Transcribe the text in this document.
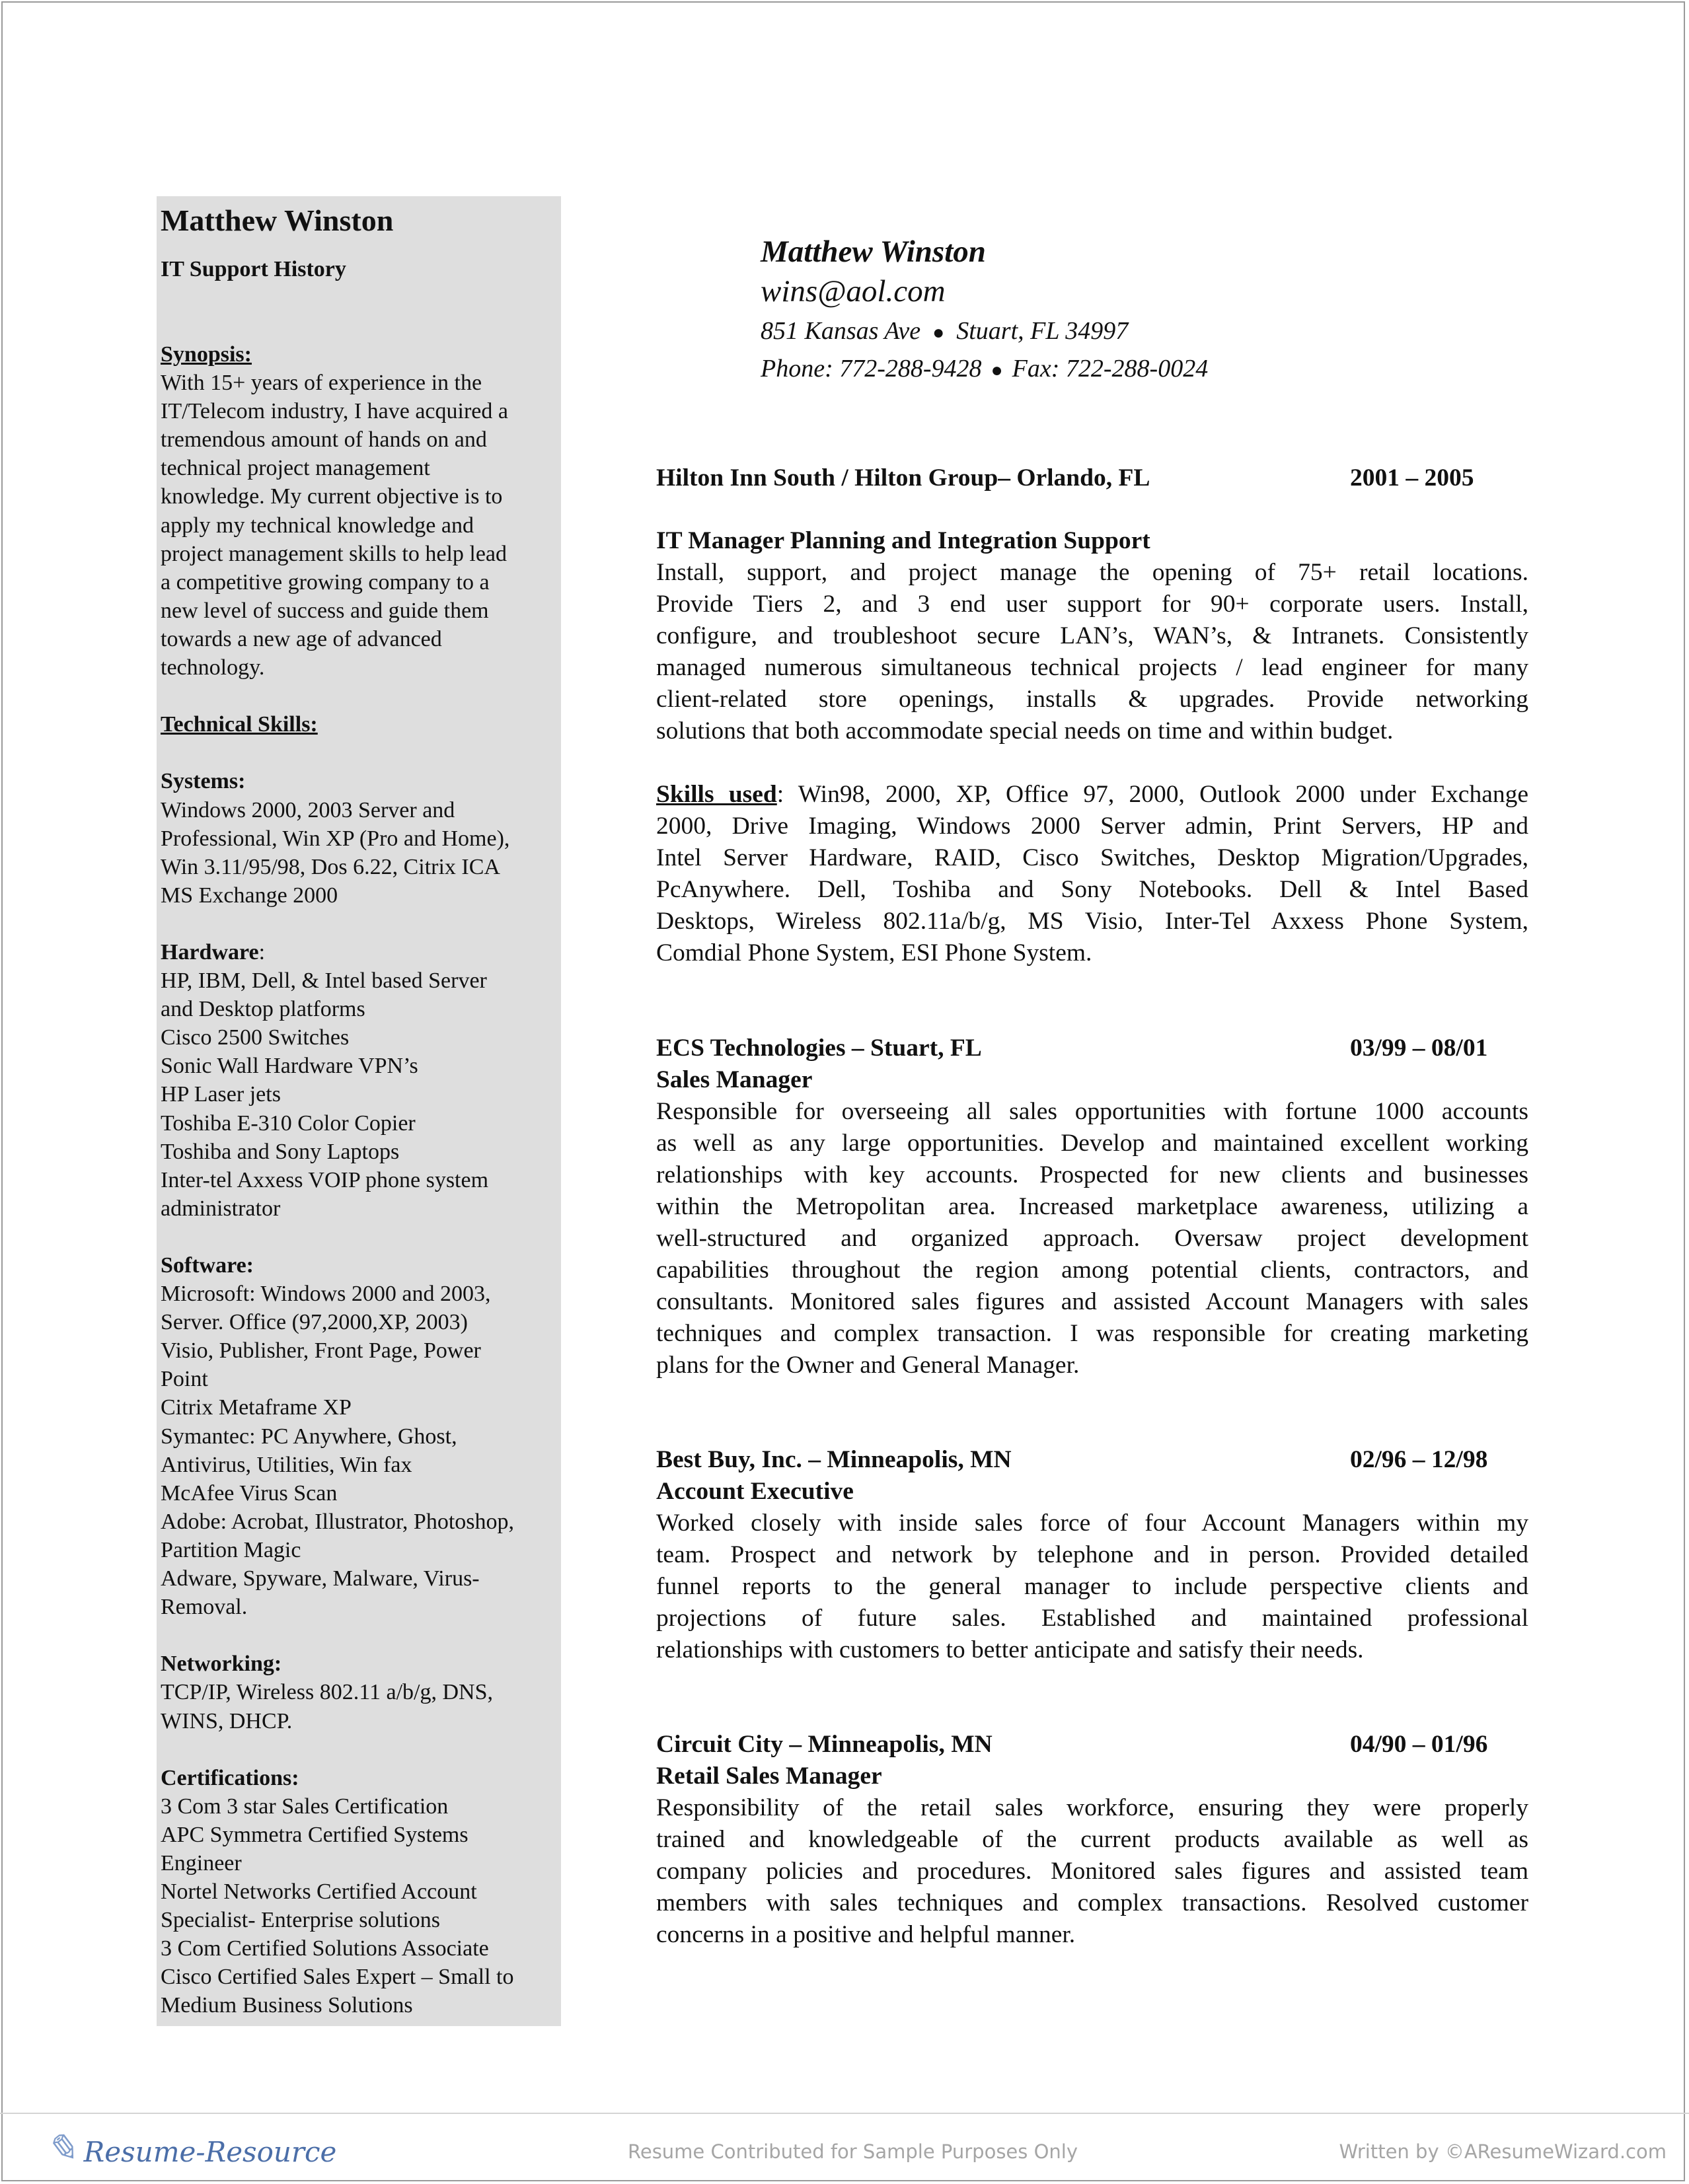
Matthew Winston
IT Support History
Synopsis:
With 15+ years of experience in the
IT/Telecom industry, I have acquired a
tremendous amount of hands on and
technical project management
knowledge. My current objective is to
apply my technical knowledge and
project management skills to help lead
a competitive growing company to a
new level of success and guide them
towards a new age of advanced
technology.
Technical Skills:
Systems:
Windows 2000, 2003 Server and
Professional, Win XP (Pro and Home),
Win 3.11/95/98, Dos 6.22, Citrix ICA
MS Exchange 2000
Hardware:
HP, IBM, Dell, & Intel based Server
and Desktop platforms
Cisco 2500 Switches
Sonic Wall Hardware VPN’s
HP Laser jets
Toshiba E-310 Color Copier
Toshiba and Sony Laptops
Inter-tel Axxess VOIP phone system
administrator
Software:
Microsoft: Windows 2000 and 2003,
Server. Office (97,2000,XP, 2003)
Visio, Publisher, Front Page, Power
Point
Citrix Metaframe XP
Symantec: PC Anywhere, Ghost,
Antivirus, Utilities, Win fax
McAfee Virus Scan
Adobe: Acrobat, Illustrator, Photoshop,
Partition Magic
Adware, Spyware, Malware, Virus-
Removal.
Networking:
TCP/IP, Wireless 802.11 a/b/g, DNS,
WINS, DHCP.
Certifications:
3 Com 3 star Sales Certification
APC Symmetra Certified Systems
Engineer
Nortel Networks Certified Account
Specialist- Enterprise solutions
3 Com Certified Solutions Associate
Cisco Certified Sales Expert – Small to
Medium Business Solutions
Matthew Winston
wins@aol.com
851 Kansas Ave ● Stuart, FL 34997
Phone: 772-288-9428 ● Fax: 722-288-0024
Hilton Inn South / Hilton Group– Orlando, FL	2001 – 2005
IT Manager Planning and Integration Support
Install, support, and project manage the opening of 75+ retail locations.
Provide Tiers 2, and 3 end user support for 90+ corporate users. Install,
configure, and troubleshoot secure LAN’s, WAN’s, & Intranets. Consistently
managed numerous simultaneous technical projects / lead engineer for many
client-related store openings, installs & upgrades. Provide networking
solutions that both accommodate special needs on time and within budget.
Skills used: Win98, 2000, XP, Office 97, 2000, Outlook 2000 under Exchange
2000, Drive Imaging, Windows 2000 Server admin, Print Servers, HP and
Intel Server Hardware, RAID, Cisco Switches, Desktop Migration/Upgrades,
PcAnywhere. Dell, Toshiba and Sony Notebooks. Dell & Intel Based
Desktops, Wireless 802.11a/b/g, MS Visio, Inter-Tel Axxess Phone System,
Comdial Phone System, ESI Phone System.
ECS Technologies – Stuart, FL	03/99 – 08/01
Sales Manager
Responsible for overseeing all sales opportunities with fortune 1000 accounts
as well as any large opportunities. Develop and maintained excellent working
relationships with key accounts. Prospected for new clients and businesses
within the Metropolitan area. Increased marketplace awareness, utilizing a
well-structured and organized approach. Oversaw project development
capabilities throughout the region among potential clients, contractors, and
consultants. Monitored sales figures and assisted Account Managers with sales
techniques and complex transaction. I was responsible for creating marketing
plans for the Owner and General Manager.
Best Buy, Inc. – Minneapolis, MN	02/96 – 12/98
Account Executive
Worked closely with inside sales force of four Account Managers within my
team. Prospect and network by telephone and in person. Provided detailed
funnel reports to the general manager to include perspective clients and
projections of future sales. Established and maintained professional
relationships with customers to better anticipate and satisfy their needs.
Circuit City – Minneapolis, MN	04/90 – 01/96
Retail Sales Manager
Responsibility of the retail sales workforce, ensuring they were properly
trained and knowledgeable of the current products available as well as
company policies and procedures. Monitored sales figures and assisted team
members with sales techniques and complex transactions. Resolved customer
concerns in a positive and helpful manner.
✎ Resume-Resource	Resume Contributed for Sample Purposes Only	Written by ©AResumeWizard.com
